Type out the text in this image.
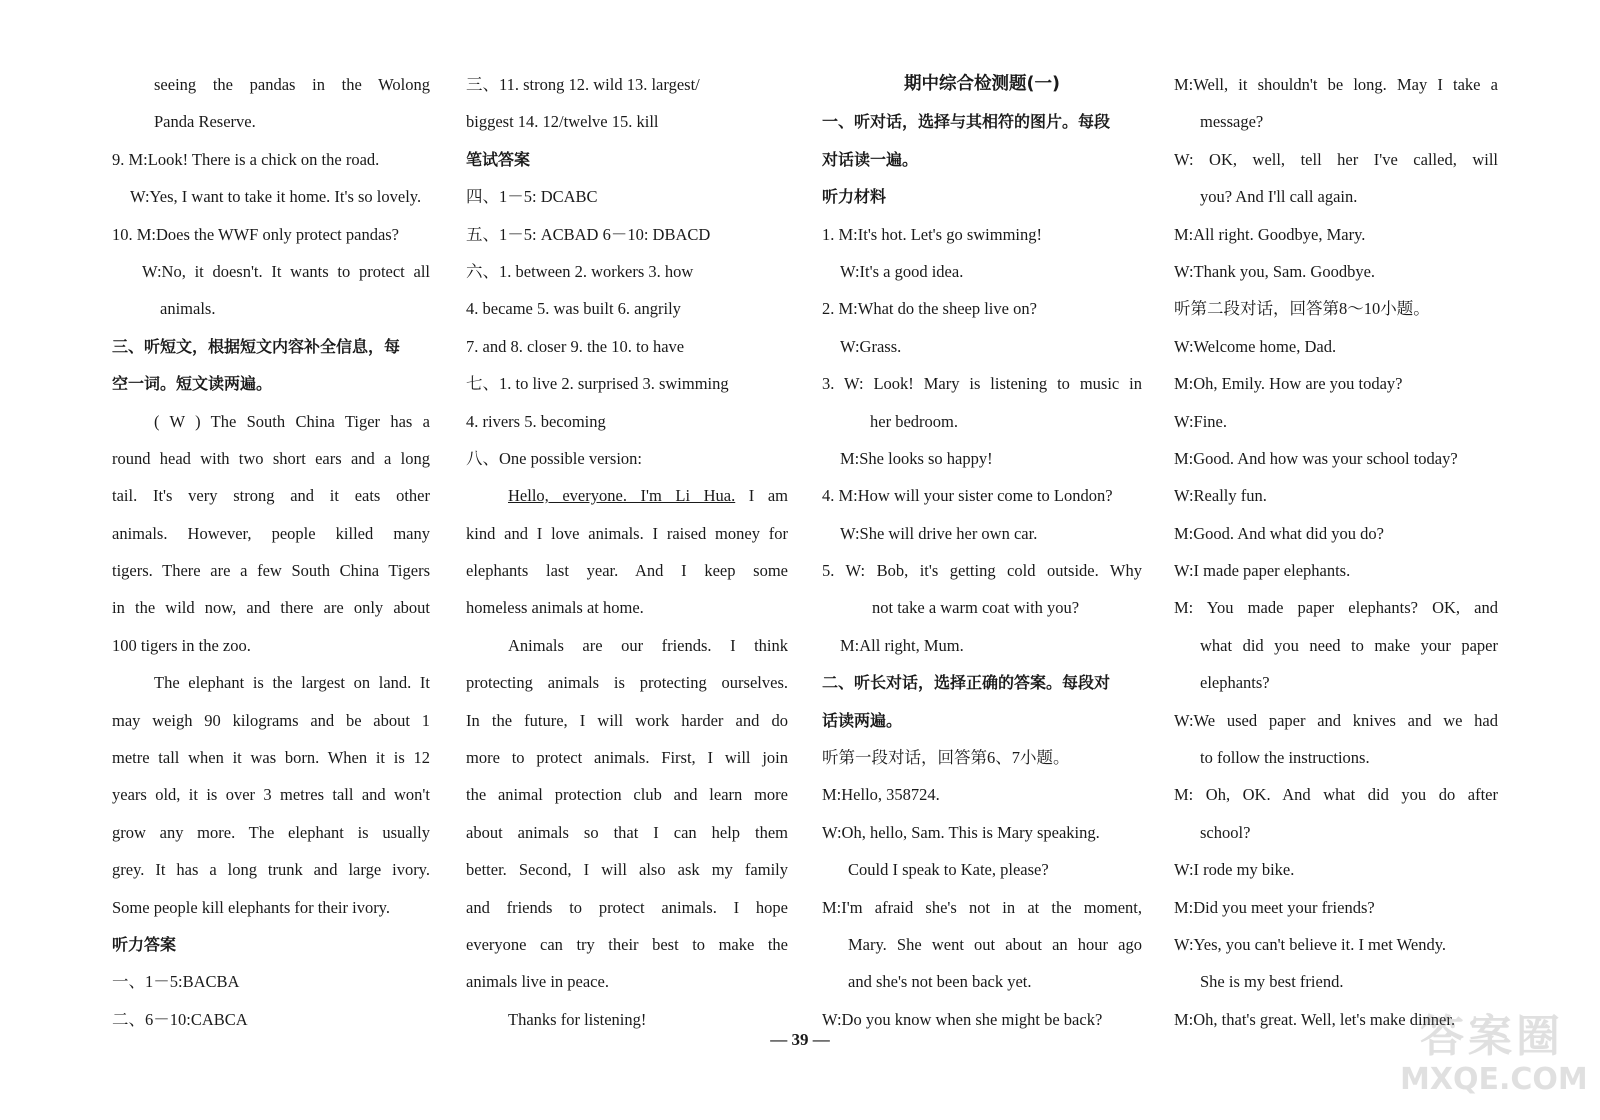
seeing the pandas in the Wolong
Panda Reserve.
9. M:Look! There is a chick on the road.
W:Yes, I want to take it home. It's so lovely.
10. M:Does the WWF only protect pandas?
W:No, it doesn't. It wants to protect all
animals.
三、听短文，根据短文内容补全信息，每
空一词。短文读两遍。
( W ) The South China Tiger has a
round head with two short ears and a long
tail. It's very strong and it eats other
animals. However, people killed many
tigers. There are a few South China Tigers
in the wild now, and there are only about
100 tigers in the zoo.
The elephant is the largest on land. It
may weigh 90 kilograms and be about 1
metre tall when it was born. When it is 12
years old, it is over 3 metres tall and won't
grow any more. The elephant is usually
grey. It has a long trunk and large ivory.
Some people kill elephants for their ivory.
听力答案
一、1－5:BACBA
二、6－10:CABCA
三、11. strong 12. wild 13. largest/
biggest 14. 12/twelve 15. kill
笔试答案
四、1－5: DCABC
五、1－5: ACBAD 6－10: DBACD
六、1. between 2. workers 3. how
4. became 5. was built 6. angrily
7. and 8. closer 9. the 10. to have
七、1. to live 2. surprised 3. swimming
4. rivers 5. becoming
八、One possible version:
Hello, everyone. I'm Li Hua. I am
kind and I love animals. I raised money for
elephants last year. And I keep some
homeless animals at home.
Animals are our friends. I think
protecting animals is protecting ourselves.
In the future, I will work harder and do
more to protect animals. First, I will join
the animal protection club and learn more
about animals so that I can help them
better. Second, I will also ask my family
and friends to protect animals. I hope
everyone can try their best to make the
animals live in peace.
Thanks for listening!
期中综合检测题(一)
一、听对话，选择与其相符的图片。每段
对话读一遍。
听力材料
1. M:It's hot. Let's go swimming!
W:It's a good idea.
2. M:What do the sheep live on?
W:Grass.
3. W: Look! Mary is listening to music in
her bedroom.
M:She looks so happy!
4. M:How will your sister come to London?
W:She will drive her own car.
5. W: Bob, it's getting cold outside. Why
not take a warm coat with you?
M:All right, Mum.
二、听长对话，选择正确的答案。每段对
话读两遍。
听第一段对话，回答第6、7小题。
M:Hello, 358724.
W:Oh, hello, Sam. This is Mary speaking.
Could I speak to Kate, please?
M:I'm afraid she's not in at the moment,
Mary. She went out about an hour ago
and she's not been back yet.
W:Do you know when she might be back?
M:Well, it shouldn't be long. May I take a
message?
W: OK, well, tell her I've called, will
you? And I'll call again.
M:All right. Goodbye, Mary.
W:Thank you, Sam. Goodbye.
听第二段对话，回答第8～10小题。
W:Welcome home, Dad.
M:Oh, Emily. How are you today?
W:Fine.
M:Good. And how was your school today?
W:Really fun.
M:Good. And what did you do?
W:I made paper elephants.
M: You made paper elephants? OK, and
what did you need to make your paper
elephants?
W:We used paper and knives and we had
to follow the instructions.
M: Oh, OK. And what did you do after
school?
W:I rode my bike.
M:Did you meet your friends?
W:Yes, you can't believe it. I met Wendy.
She is my best friend.
M:Oh, that's great. Well, let's make dinner.
— 39 —	答案圈
MXQE.COM
